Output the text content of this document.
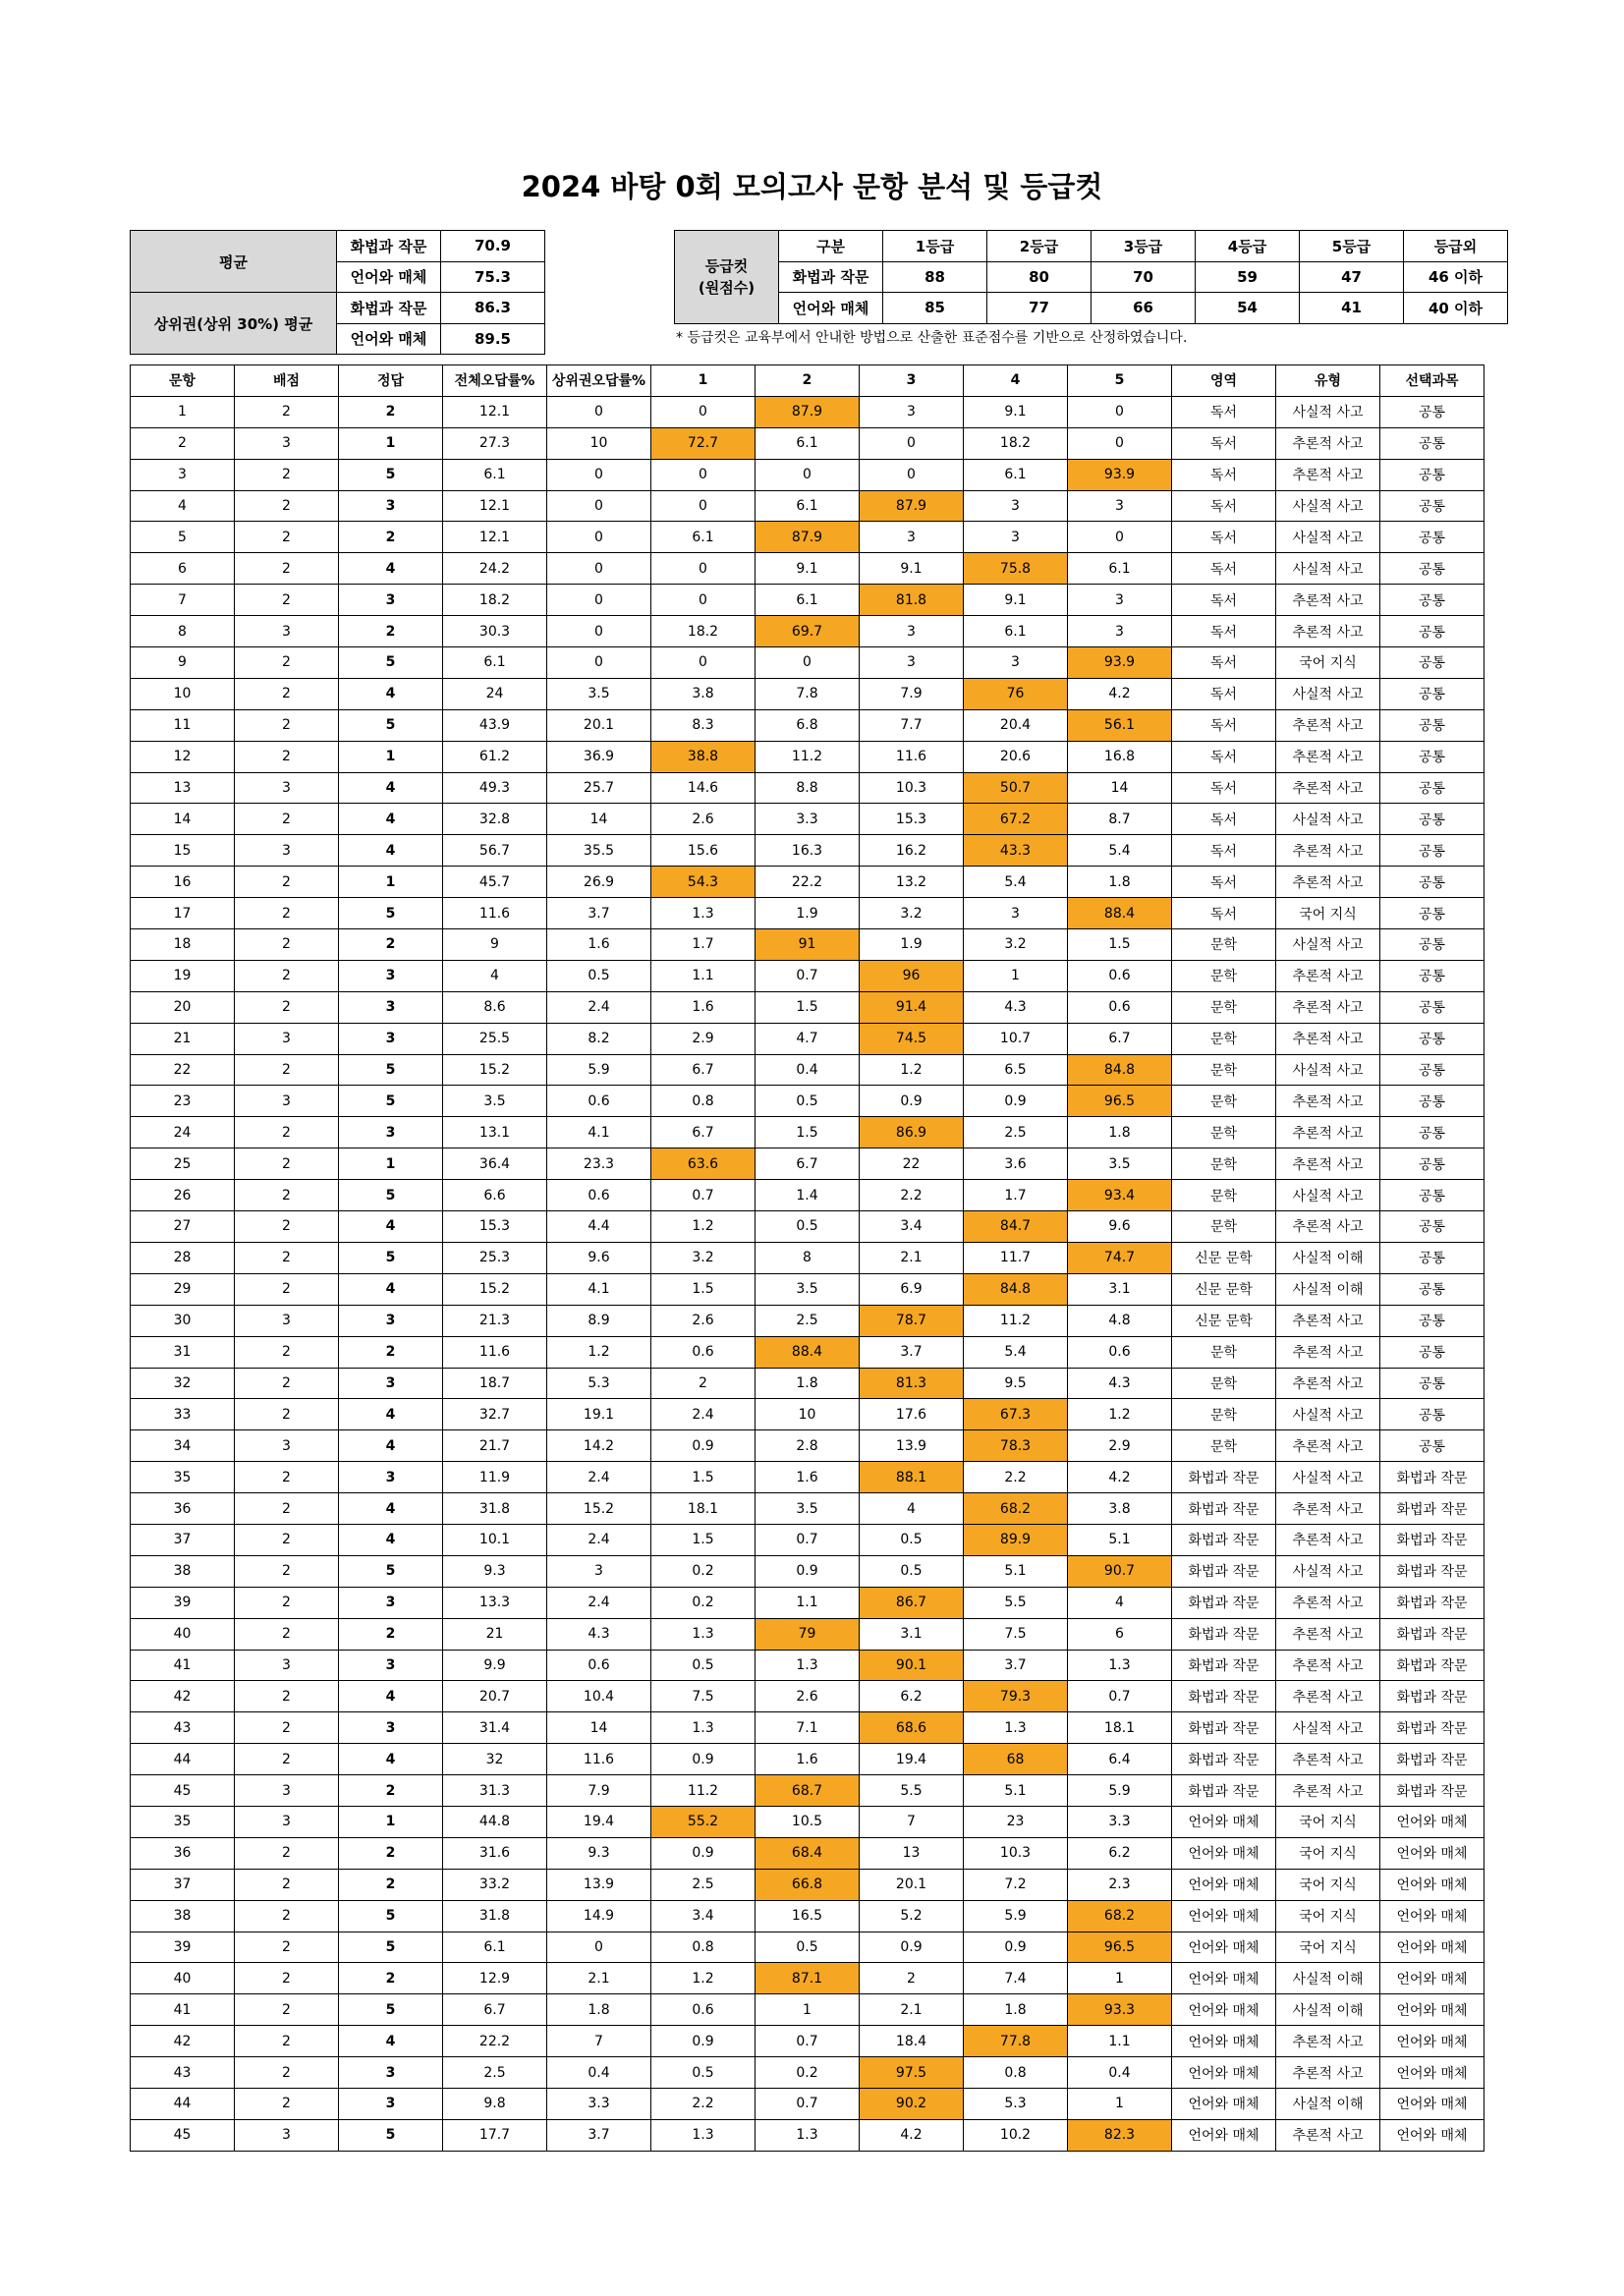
2024 바탕 0회 모의고사 문항 분석 및 등급컷
평균	화법과 작문	70.9
	언어와 매체	75.3
상위권(상위 30%) 평균	화법과 작문	86.3
	언어와 매체	89.5
등급컷
(원점수)	구분	1등급	2등급	3등급	4등급	5등급	등급외
	화법과 작문	88	80	70	59	47	46 이하
	언어와 매체	85	77	66	54	41	40 이하
* 등급컷은 교육부에서 안내한 방법으로 산출한 표준점수를 기반으로 산정하였습니다.
문항	배점	정답	전체오답률%	상위권오답률%	1	2	3	4	5	영역	유형	선택과목
1	2	2	12.1	0	0	87.9	3	9.1	0	독서	사실적 사고	공통
2	3	1	27.3	10	72.7	6.1	0	18.2	0	독서	추론적 사고	공통
3	2	5	6.1	0	0	0	0	6.1	93.9	독서	추론적 사고	공통
4	2	3	12.1	0	0	6.1	87.9	3	3	독서	사실적 사고	공통
5	2	2	12.1	0	6.1	87.9	3	3	0	독서	사실적 사고	공통
6	2	4	24.2	0	0	9.1	9.1	75.8	6.1	독서	사실적 사고	공통
7	2	3	18.2	0	0	6.1	81.8	9.1	3	독서	추론적 사고	공통
8	3	2	30.3	0	18.2	69.7	3	6.1	3	독서	추론적 사고	공통
9	2	5	6.1	0	0	0	3	3	93.9	독서	국어 지식	공통
10	2	4	24	3.5	3.8	7.8	7.9	76	4.2	독서	사실적 사고	공통
11	2	5	43.9	20.1	8.3	6.8	7.7	20.4	56.1	독서	추론적 사고	공통
12	2	1	61.2	36.9	38.8	11.2	11.6	20.6	16.8	독서	추론적 사고	공통
13	3	4	49.3	25.7	14.6	8.8	10.3	50.7	14	독서	추론적 사고	공통
14	2	4	32.8	14	2.6	3.3	15.3	67.2	8.7	독서	사실적 사고	공통
15	3	4	56.7	35.5	15.6	16.3	16.2	43.3	5.4	독서	추론적 사고	공통
16	2	1	45.7	26.9	54.3	22.2	13.2	5.4	1.8	독서	추론적 사고	공통
17	2	5	11.6	3.7	1.3	1.9	3.2	3	88.4	독서	국어 지식	공통
18	2	2	9	1.6	1.7	91	1.9	3.2	1.5	문학	사실적 사고	공통
19	2	3	4	0.5	1.1	0.7	96	1	0.6	문학	추론적 사고	공통
20	2	3	8.6	2.4	1.6	1.5	91.4	4.3	0.6	문학	추론적 사고	공통
21	3	3	25.5	8.2	2.9	4.7	74.5	10.7	6.7	문학	추론적 사고	공통
22	2	5	15.2	5.9	6.7	0.4	1.2	6.5	84.8	문학	사실적 사고	공통
23	3	5	3.5	0.6	0.8	0.5	0.9	0.9	96.5	문학	추론적 사고	공통
24	2	3	13.1	4.1	6.7	1.5	86.9	2.5	1.8	문학	추론적 사고	공통
25	2	1	36.4	23.3	63.6	6.7	22	3.6	3.5	문학	추론적 사고	공통
26	2	5	6.6	0.6	0.7	1.4	2.2	1.7	93.4	문학	사실적 사고	공통
27	2	4	15.3	4.4	1.2	0.5	3.4	84.7	9.6	문학	추론적 사고	공통
28	2	5	25.3	9.6	3.2	8	2.1	11.7	74.7	신문 문학	사실적 이해	공통
29	2	4	15.2	4.1	1.5	3.5	6.9	84.8	3.1	신문 문학	사실적 이해	공통
30	3	3	21.3	8.9	2.6	2.5	78.7	11.2	4.8	신문 문학	추론적 사고	공통
31	2	2	11.6	1.2	0.6	88.4	3.7	5.4	0.6	문학	추론적 사고	공통
32	2	3	18.7	5.3	2	1.8	81.3	9.5	4.3	문학	추론적 사고	공통
33	2	4	32.7	19.1	2.4	10	17.6	67.3	1.2	문학	사실적 사고	공통
34	3	4	21.7	14.2	0.9	2.8	13.9	78.3	2.9	문학	추론적 사고	공통
35	2	3	11.9	2.4	1.5	1.6	88.1	2.2	4.2	화법과 작문	사실적 사고	화법과 작문
36	2	4	31.8	15.2	18.1	3.5	4	68.2	3.8	화법과 작문	추론적 사고	화법과 작문
37	2	4	10.1	2.4	1.5	0.7	0.5	89.9	5.1	화법과 작문	추론적 사고	화법과 작문
38	2	5	9.3	3	0.2	0.9	0.5	5.1	90.7	화법과 작문	사실적 사고	화법과 작문
39	2	3	13.3	2.4	0.2	1.1	86.7	5.5	4	화법과 작문	추론적 사고	화법과 작문
40	2	2	21	4.3	1.3	79	3.1	7.5	6	화법과 작문	추론적 사고	화법과 작문
41	3	3	9.9	0.6	0.5	1.3	90.1	3.7	1.3	화법과 작문	추론적 사고	화법과 작문
42	2	4	20.7	10.4	7.5	2.6	6.2	79.3	0.7	화법과 작문	추론적 사고	화법과 작문
43	2	3	31.4	14	1.3	7.1	68.6	1.3	18.1	화법과 작문	사실적 사고	화법과 작문
44	2	4	32	11.6	0.9	1.6	19.4	68	6.4	화법과 작문	추론적 사고	화법과 작문
45	3	2	31.3	7.9	11.2	68.7	5.5	5.1	5.9	화법과 작문	추론적 사고	화법과 작문
35	3	1	44.8	19.4	55.2	10.5	7	23	3.3	언어와 매체	국어 지식	언어와 매체
36	2	2	31.6	9.3	0.9	68.4	13	10.3	6.2	언어와 매체	국어 지식	언어와 매체
37	2	2	33.2	13.9	2.5	66.8	20.1	7.2	2.3	언어와 매체	국어 지식	언어와 매체
38	2	5	31.8	14.9	3.4	16.5	5.2	5.9	68.2	언어와 매체	국어 지식	언어와 매체
39	2	5	6.1	0	0.8	0.5	0.9	0.9	96.5	언어와 매체	국어 지식	언어와 매체
40	2	2	12.9	2.1	1.2	87.1	2	7.4	1	언어와 매체	사실적 이해	언어와 매체
41	2	5	6.7	1.8	0.6	1	2.1	1.8	93.3	언어와 매체	사실적 이해	언어와 매체
42	2	4	22.2	7	0.9	0.7	18.4	77.8	1.1	언어와 매체	추론적 사고	언어와 매체
43	2	3	2.5	0.4	0.5	0.2	97.5	0.8	0.4	언어와 매체	추론적 사고	언어와 매체
44	2	3	9.8	3.3	2.2	0.7	90.2	5.3	1	언어와 매체	사실적 이해	언어와 매체
45	3	5	17.7	3.7	1.3	1.3	4.2	10.2	82.3	언어와 매체	추론적 사고	언어와 매체
